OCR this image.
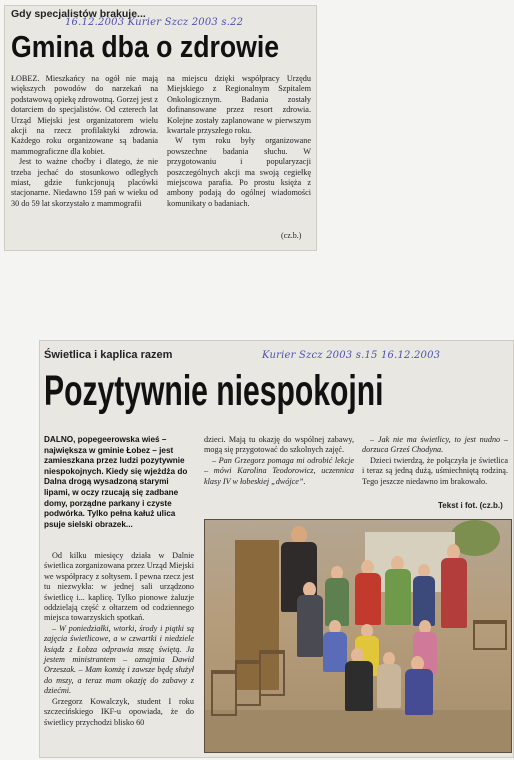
Gdy specjalistów brakuje...
16.12.2003 Kurier Szcz 2003 s.22
Gmina dba o zdrowie

ŁOBEZ. Mieszkańcy na ogół nie mają większych powodów do narzekań na podstawową opiekę zdrowotną. Gorzej jest z dotarciem do specjalistów. Od czterech lat Urząd Miejski jest organizatorem wielu akcji na rzecz profilaktyki zdrowia. Każdego roku organizowane są badania mammograficzne dla kobiet.

Jest to ważne choćby i dlatego, że nie trzeba jechać do stosunkowo odległych miast, gdzie funkcjonują placówki stacjonarne. Niedawno 159 pań w wieku od 30 do 59 lat skorzystało z mammografii

na miejscu dzięki współpracy Urzędu Miejskiego z Regionalnym Szpitalem Onkologicznym. Badania zostały dofinansowane przez resort zdrowia. Kolejne zostały zaplanowane w pierwszym kwartale przyszłego roku.

W tym roku były organizowane powszechne badania słuchu. W przygotowaniu i popularyzacji poszczególnych akcji ma swoją cegiełkę miejscowa parafia. Po prostu księża z ambony podają do ogólnej wiadomości komunikaty o badaniach.

(cz.b.)
Świetlica i kaplica razem	Kurier Szcz 2003 s.15 16.12.2003
Pozytywnie niespokojni
DALNO, popegeerowska wieś – największa w gminie Łobez – jest zamieszkana przez ludzi pozytywnie niespokojnych. Kiedy się wjeżdża do Dalna drogą wysadzoną starymi lipami, w oczy rzucają się zadbane domy, porządne parkany i czyste podwórka. Tylko pełna kałuż ulica psuje sielski obrazek...

Od kilku miesięcy działa w Dalnie świetlica zorganizowana przez Urząd Miejski we współpracy z sołtysem. I pewna rzecz jest tu niezwykła: w jednej sali urządzono świetlicę i... kaplicę. Tylko pionowe żaluzje oddzielają część z ołtarzem od codziennego miejsca towarzyskich spotkań.

– W poniedziałki, wtorki, środy i piątki są zajęcia świetlicowe, a w czwartki i niedziele ksiądz z Łobza odprawia mszę świętą. Ja jestem ministrantem – oznajmia Dawid Orzeszak. – Mam komżę i zawsze będę służył do mszy, a teraz mam okazję do zabawy z dziećmi.

Grzegorz Kowalczyk, student I roku szczecińskiego IKF-u opowiada, że do świetlicy przychodzi blisko 60

dzieci. Mają tu okazję do wspólnej zabawy, mogą się przygotować do szkolnych zajęć.

– Pan Grzegorz pomaga mi odrobić lekcje – mówi Karolina Teodorowicz, uczennica klasy IV w łobeskiej „dwójce”.

– Jak nie ma świetlicy, to jest nudno – dorzuca Grześ Chodyna.

Dzieci twierdzą, że połączyła je świetlica i teraz są jedną dużą, uśmiechniętą rodziną. Tego jeszcze niedawno im brakowało.

Tekst i fot. (cz.b.)
